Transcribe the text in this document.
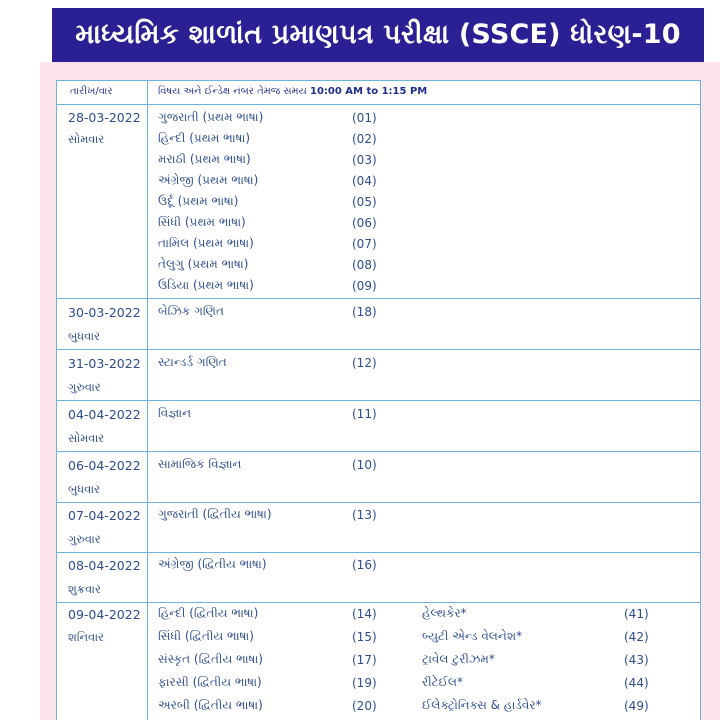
માધ્યમિક શાળાંત પ્રમાણપત્ર પરીક્ષા (SSCE) ધોરણ-10
તારીખ/વાર	વિષય અને ઈન્ડેક્ષ નંબર તેમજ સમય 10:00 AM to 1:15 PM
28-03-2022
સોમવાર
ગુજરાતી (પ્રથમ ભાષા)	(01)
હિન્દી (પ્રથમ ભાષા)	(02)
મરાઠી (પ્રથમ ભાષા)	(03)
અંગ્રેજી (પ્રથમ ભાષા)	(04)
ઉર્દૂ (પ્રથમ ભાષા)	(05)
સિંધી (પ્રથમ ભાષા)	(06)
તામિલ (પ્રથમ ભાષા)	(07)
તેલુગુ (પ્રથમ ભાષા)	(08)
ઉડિયા (પ્રથમ ભાષા)	(09)
30-03-2022
બુધવાર
બેઝિક ગણિત	(18)
31-03-2022
ગુરુવાર
સ્ટાન્ડર્ડ ગણિત	(12)
04-04-2022
સોમવાર
વિજ્ઞાન	(11)
06-04-2022
બુધવાર
સામાજિક વિજ્ઞાન	(10)
07-04-2022
ગુરુવાર
ગુજરાતી (દ્વિતીય ભાષા)	(13)
08-04-2022
શુક્રવાર
અંગ્રેજી (દ્વિતીય ભાષા)	(16)
09-04-2022
શનિવાર
હિન્દી (દ્વિતીય ભાષા)	(14)
સિંધી (દ્વિતીય ભાષા)	(15)
સંસ્કૃત (દ્વિતીય ભાષા)	(17)
ફારસી (દ્વિતીય ભાષા)	(19)
અરબી (દ્વિતીય ભાષા)	(20)
હેલ્થકેર*	(41)
બ્યુટી એન્ડ વેલનેશ*	(42)
ટ્રાવેલ ટુરીઝમ*	(43)
રીટેઈલ*	(44)
ઈલેક્ટ્રોનિક્સ & હાર્ડવેર*	(49)
